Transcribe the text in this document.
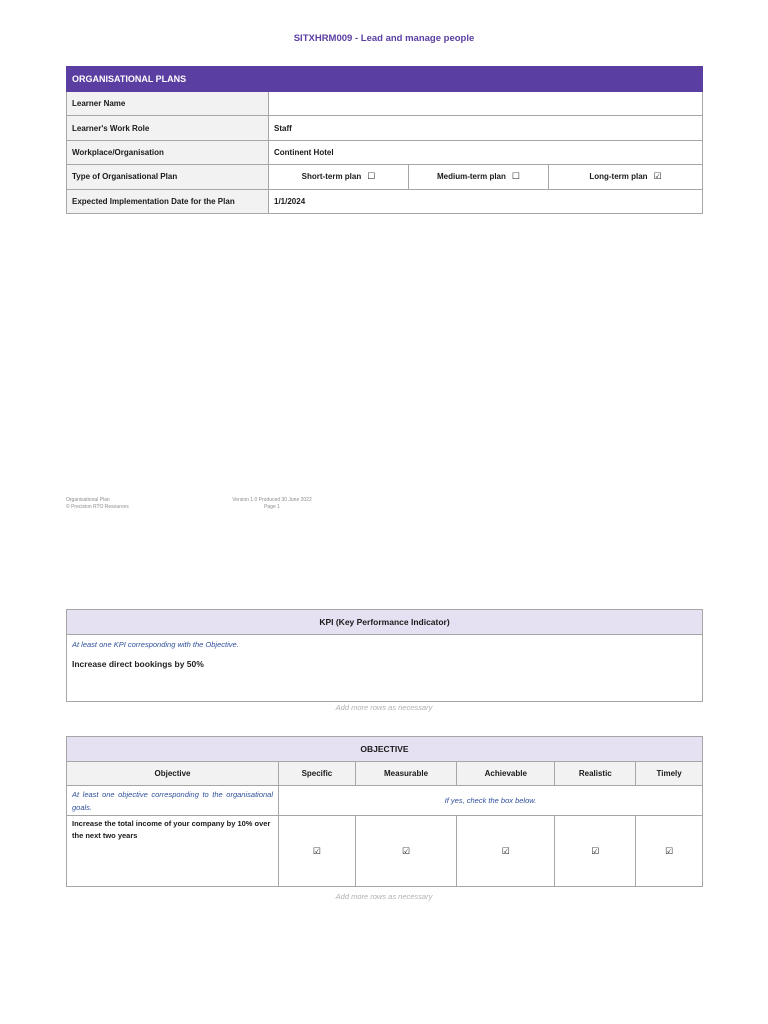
SITXHRM009 - Lead and manage people
ORGANISATIONAL PLANS			
Learner Name			
Learner's Work Role	Staff		
Workplace/Organisation	Continent Hotel		
Type of Organisational Plan	Short-term plan ☐	Medium-term plan ☐	Long-term plan ☑
Expected Implementation Date for the Plan	1/1/2024		
Organisational Plan
© Precision RTO Resources
Version 1.0 Produced 30 June 2022
Page 1
KPI (Key Performance Indicator)

At least one KPI corresponding with the Objective.
Increase direct bookings by 50%
Add more rows as necessary
OBJECTIVE					
Objective	Specific	Measurable	Achievable	Realistic	Timely
At least one objective corresponding to the organisational goals.	If yes, check the box below.				
Increase the total income of your company by 10% over the next two years	☑	☑	☑	☑	☑
Add more rows as necessary
